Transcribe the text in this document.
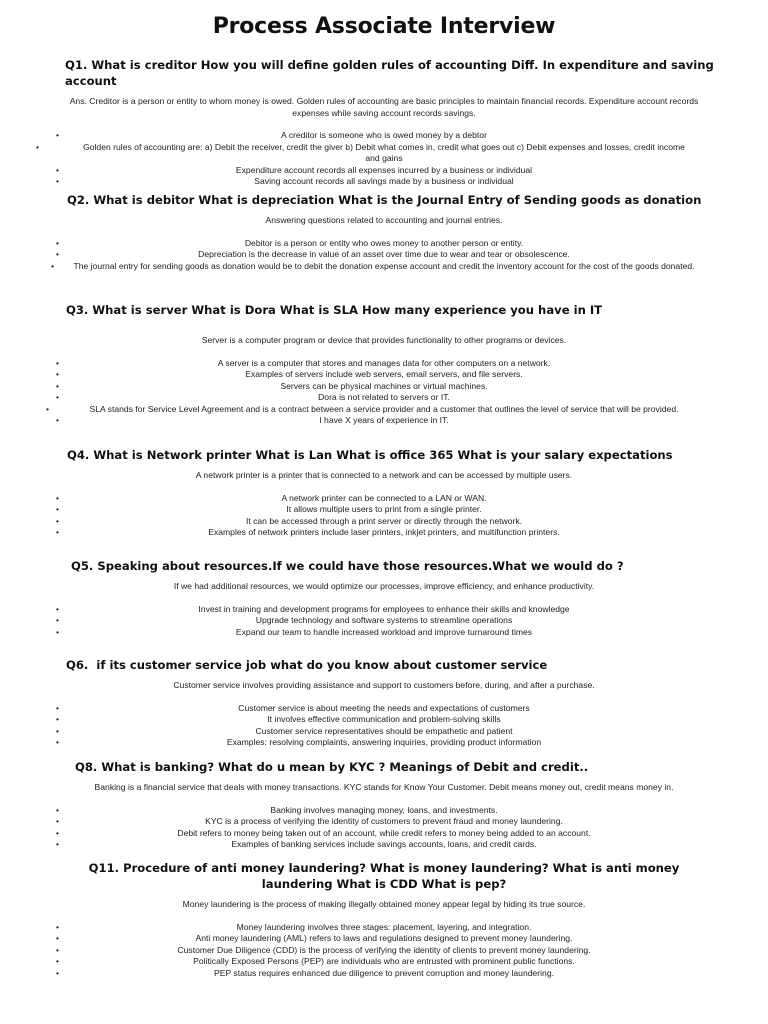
Process Associate Interview
Q1. What is creditor How you will define golden rules of accounting Diff. In expenditure and saving account
Ans. Creditor is a person or entity to whom money is owed. Golden rules of accounting are basic principles to maintain financial records. Expenditure account records expenses while saving account records savings.
•	A creditor is someone who is owed money by a debtor
•	Golden rules of accounting are: a) Debit the receiver, credit the giver b) Debit what comes in, credit what goes out c) Debit expenses and losses, credit income and gains
•	Expenditure account records all expenses incurred by a business or individual
•	Saving account records all savings made by a business or individual
Q2. What is debitor What is depreciation What is the Journal Entry of Sending goods as donation
Answering questions related to accounting and journal entries.
•	Debitor is a person or entity who owes money to another person or entity.
•	Depreciation is the decrease in value of an asset over time due to wear and tear or obsolescence.
• The journal entry for sending goods as donation would be to debit the donation expense account and credit the inventory account for the cost of the goods donated.
Q3. What is server What is Dora What is SLA How many experience you have in IT
Server is a computer program or device that provides functionality to other programs or devices.
•	A server is a computer that stores and manages data for other computers on a network.
•	Examples of servers include web servers, email servers, and file servers.
•	Servers can be physical machines or virtual machines.
•	Dora is not related to servers or IT.
•	SLA stands for Service Level Agreement and is a contract between a service provider and a customer that outlines the level of service that will be provided.
•	I have X years of experience in IT.
Q4. What is Network printer What is Lan What is office 365 What is your salary expectations
A network printer is a printer that is connected to a network and can be accessed by multiple users.
•	A network printer can be connected to a LAN or WAN.
•	It allows multiple users to print from a single printer.
•	It can be accessed through a print server or directly through the network.
•	Examples of network printers include laser printers, inkjet printers, and multifunction printers.
Q5. Speaking about resources.If we could have those resources.What we would do ?
If we had additional resources, we would optimize our processes, improve efficiency, and enhance productivity.
•	Invest in training and development programs for employees to enhance their skills and knowledge
•	Upgrade technology and software systems to streamline operations
•	Expand our team to handle increased workload and improve turnaround times
Q6.  if its customer service job what do you know about customer service
Customer service involves providing assistance and support to customers before, during, and after a purchase.
•	Customer service is about meeting the needs and expectations of customers
•	It involves effective communication and problem-solving skills
•	Customer service representatives should be empathetic and patient
•	Examples: resolving complaints, answering inquiries, providing product information
Q8. What is banking? What do u mean by KYC ? Meanings of Debit and credit..
Banking is a financial service that deals with money transactions. KYC stands for Know Your Customer. Debit means money out, credit means money in.
•	Banking involves managing money, loans, and investments.
•	KYC is a process of verifying the identity of customers to prevent fraud and money laundering.
•	Debit refers to money being taken out of an account, while credit refers to money being added to an account.
•	Examples of banking services include savings accounts, loans, and credit cards.
Q11. Procedure of anti money laundering? What is money laundering? What is anti money laundering What is CDD What is pep?
Money laundering is the process of making illegally obtained money appear legal by hiding its true source.
•	Money laundering involves three stages: placement, layering, and integration.
•	Anti money laundering (AML) refers to laws and regulations designed to prevent money laundering.
•	Customer Due Diligence (CDD) is the process of verifying the identity of clients to prevent money laundering.
•	Politically Exposed Persons (PEP) are individuals who are entrusted with prominent public functions.
•	PEP status requires enhanced due diligence to prevent corruption and money laundering.
